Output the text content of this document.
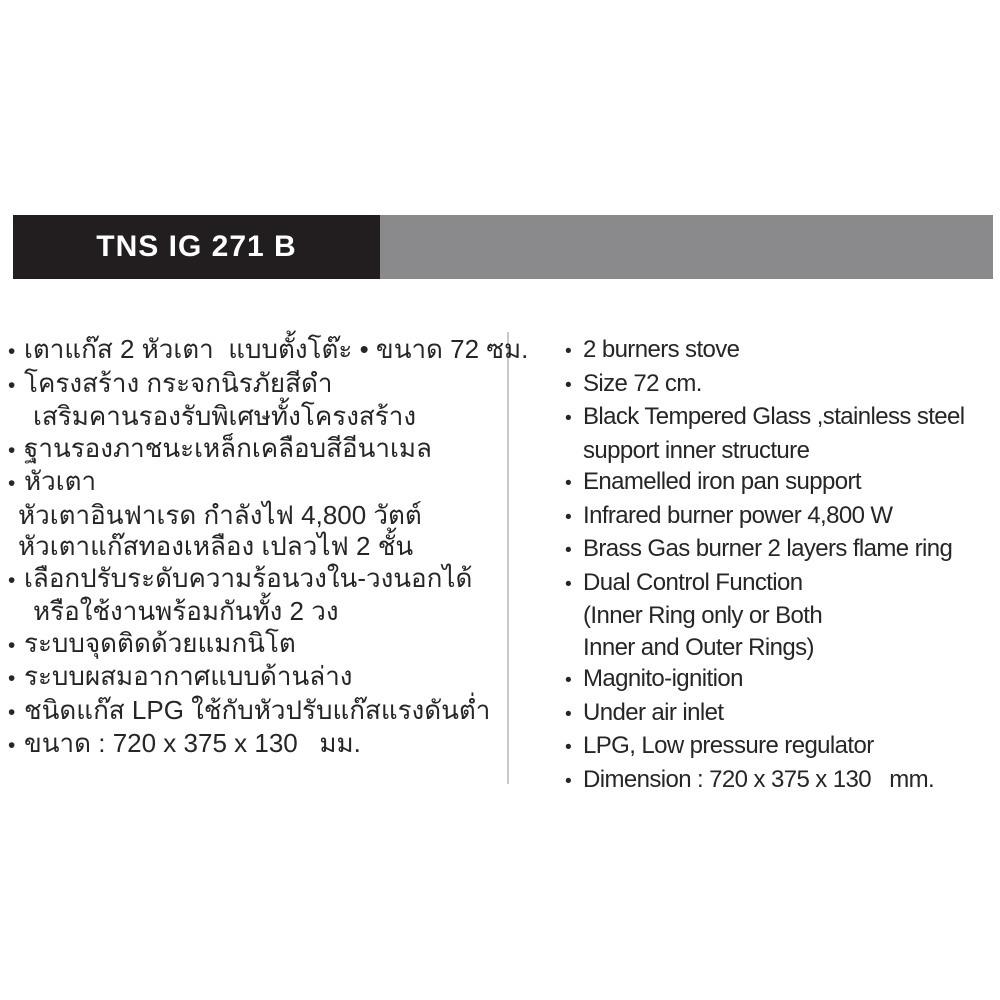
TNS IG 271 B
• เตาแก๊ส 2 หัวเตา  แบบตั้งโต๊ะ • ขนาด 72 ซม.
• โครงสร้าง กระจกนิรภัยสีดำ
เสริมคานรองรับพิเศษทั้งโครงสร้าง
• ฐานรองภาชนะเหล็กเคลือบสีอีนาเมล
• หัวเตา
หัวเตาอินฟาเรด กำลังไฟ 4,800 วัตต์
หัวเตาแก๊สทองเหลือง เปลวไฟ 2 ชั้น
• เลือกปรับระดับความร้อนวงใน-วงนอกได้
หรือใช้งานพร้อมกันทั้ง 2 วง
• ระบบจุดติดด้วยแมกนิโต
• ระบบผสมอากาศแบบด้านล่าง
• ชนิดแก๊ส LPG ใช้กับหัวปรับแก๊สแรงดันต่ำ
• ขนาด : 720 x 375 x 130   มม.
• 2 burners stove
• Size 72 cm.
• Black Tempered Glass ,stainless steel
support inner structure
• Enamelled iron pan support
• Infrared burner power 4,800 W
• Brass Gas burner 2 layers flame ring
• Dual Control Function
(Inner Ring only or Both
Inner and Outer Rings)
• Magnito-ignition
• Under air inlet
• LPG, Low pressure regulator
• Dimension : 720 x 375 x 130   mm.
